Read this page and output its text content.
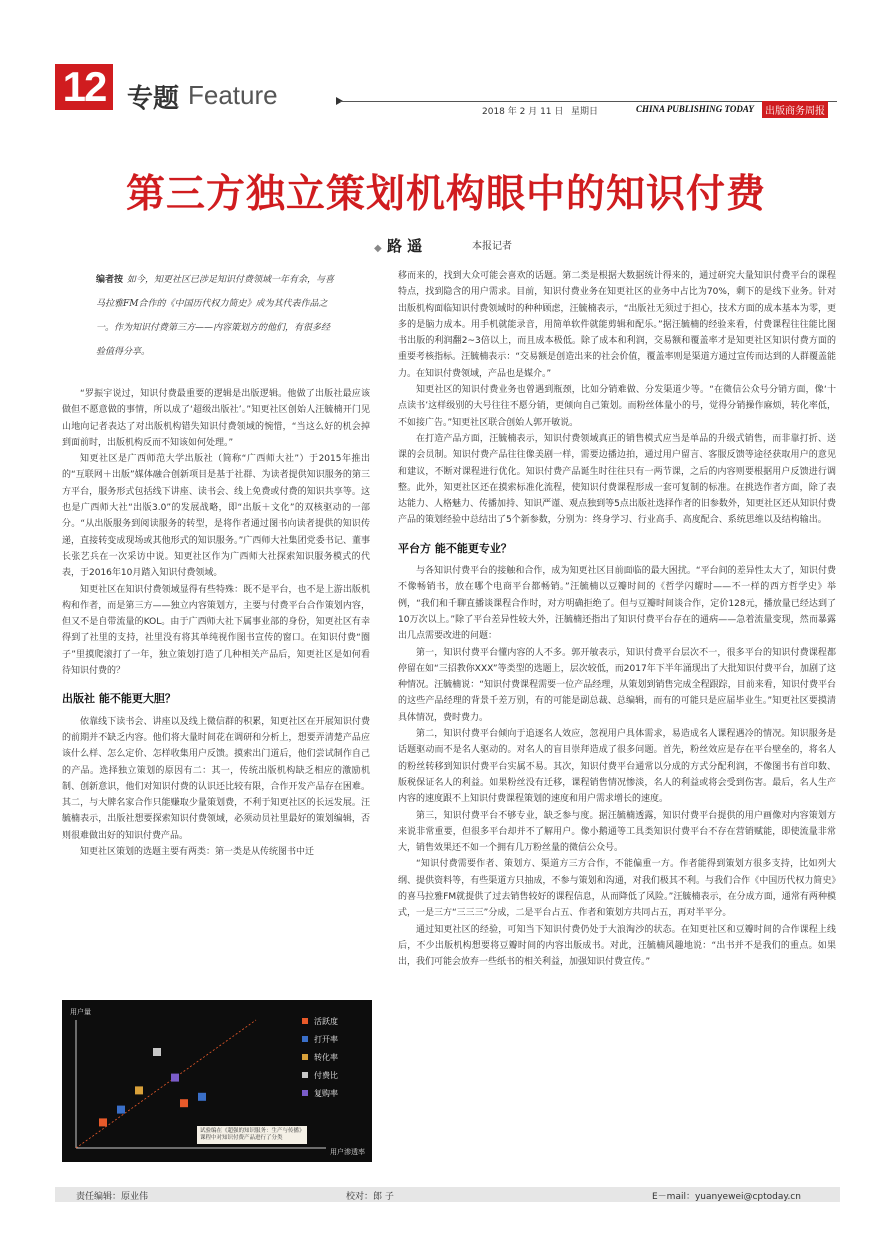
12 专题 Feature
2018 年 2 月 11 日 星期日	CHINA PUBLISHING TODAY	出版商务周报
第三方独立策划机构眼中的知识付费
◆ 路 遥	本报记者
编者按 如今，知更社区已涉足知识付费领域一年有余，与喜马拉雅FM合作的《中国历代权力简史》成为其代表作品之一。作为知识付费第三方——内容策划方的他们，有很多经验值得分享。

“罗振宇说过，知识付费最重要的逻辑是出版逻辑。他做了出版社最应该做但不愿意做的事情，所以成了‘超级出版社’。”知更社区创始人汪毓楠开门见山地向记者表达了对出版机构错失知识付费领域的惋惜，“当这么好的机会掉到面前时，出版机构反而不知该如何处理。”

知更社区是广西师范大学出版社（简称“广西师大社”）于2015年推出的“互联网＋出版”媒体融合创新项目是基于社群、为读者提供知识服务的第三方平台，服务形式包括线下讲座、读书会、线上免费或付费的知识共享等。这也是广西师大社“出版3.0”的发展战略，即“出版＋文化”的双核驱动的一部分。“从出版服务到阅读服务的转型，是将作者通过图书向读者提供的知识传递，直接转变成现场或其他形式的知识服务。”广西师大社集团党委书记、董事长张艺兵在一次采访中说。知更社区作为广西师大社探索知识服务模式的代表，于2016年10月踏入知识付费领域。

知更社区在知识付费领域显得有些特殊：既不是平台，也不是上游出版机构和作者，而是第三方——独立内容策划方，主要与付费平台合作策划内容，但又不是自带流量的KOL。由于广西师大社下属事业部的身份，知更社区有幸得到了社里的支持，社里没有将其单纯视作图书宣传的窗口。在知识付费“圈子”里摸爬滚打了一年，独立策划打造了几种相关产品后，知更社区是如何看待知识付费的？

出版社 能不能更大胆？

依靠线下读书会、讲座以及线上微信群的积累，知更社区在开展知识付费的前期并不缺乏内容。他们将大量时间花在调研和分析上，想要弄清楚产品应该什么样、怎么定价、怎样收集用户反馈。摸索出门道后，他们尝试制作自己的产品。选择独立策划的原因有二：其一，传统出版机构缺乏相应的激励机制、创新意识，他们对知识付费的认识还比较有限，合作开发产品存在困难。其二，与大牌名家合作只能赚取少量策划费，不利于知更社区的长远发展。汪毓楠表示，出版社想要探索知识付费领域，必须动员社里最好的策划编辑，否则很难做出好的知识付费产品。

知更社区策划的选题主要有两类：第一类是从传统图书中迁

活跃度
打开率
转化率
付费比
复购率
用户量
用户渗透率
试验编在《超强的知识服务：生产与传播》课程中对知识付费产品进行了分类

移而来的，找到大众可能会喜欢的话题。第二类是根据大数据统计得来的，通过研究大量知识付费平台的课程特点，找到隐含的用户需求。目前，知识付费业务在知更社区的业务中占比为70%，剩下的是线下业务。针对出版机构面临知识付费领域时的种种顾虑，汪毓楠表示，“出版社无须过于担心，技术方面的成本基本为零，更多的是脑力成本。用手机就能录音，用简单软件就能剪辑和配乐。”据汪毓楠的经验来看，付费课程往往能比图书出版的利润翻2~3倍以上，而且成本极低。除了成本和利润，交易额和覆盖率才是知更社区知识付费方面的重要考核指标。汪毓楠表示：“交易额是创造出来的社会价值，覆盖率则是渠道方通过宣传而达到的人群覆盖能力。在知识付费领域，产品也是媒介。”

知更社区的知识付费业务也曾遇到瓶颈，比如分销难做、分发渠道少等。“在微信公众号分销方面，像‘十点读书’这样级别的大号往往不愿分销，更倾向自己策划。而粉丝体量小的号，觉得分销操作麻烦，转化率低，不如接广告。”知更社区联合创始人郭开敏说。

在打造产品方面，汪毓楠表示，知识付费领域真正的销售模式应当是单品的升级式销售，而非靠打折、送课的会员制。知识付费产品往往像美剧一样，需要边播边拍，通过用户留言、客服反馈等途径获取用户的意见和建议，不断对课程进行优化。知识付费产品诞生时往往只有一两节课，之后的内容则要根据用户反馈进行调整。此外，知更社区还在摸索标准化流程，使知识付费课程形成一套可复制的标准。在挑选作者方面，除了表达能力、人格魅力、传播加持、知识严谨、观点独到等5点出版社选择作者的旧参数外，知更社区还从知识付费产品的策划经验中总结出了5个新参数，分别为：终身学习、行业高手、高度配合、系统思维以及结构输出。

平台方 能不能更专业？

与各知识付费平台的接触和合作，成为知更社区目前面临的最大困扰。“平台间的差异性太大了，知识付费不像畅销书，放在哪个电商平台都畅销。”汪毓楠以豆瓣时间的《哲学闪耀时——不一样的西方哲学史》举例，“我们和千聊直播谈课程合作时，对方明确拒绝了。但与豆瓣时间谈合作，定价128元，播放量已经达到了10万次以上。”除了平台差异性较大外，汪毓楠还指出了知识付费平台存在的通病——急着流量变现，然而暴露出几点需要改进的问题：

第一，知识付费平台懂内容的人不多。郭开敏表示，知识付费平台层次不一，很多平台的知识付费课程都停留在如“三招教你XXX”等类型的选题上，层次较低，而2017年下半年涌现出了大批知识付费平台，加剧了这种情况。汪毓楠说：“知识付费课程需要一位产品经理，从策划到销售完成全程跟踪，目前来看，知识付费平台的这些产品经理的背景千差万别，有的可能是副总裁、总编辑，而有的可能只是应届毕业生。”知更社区要摸清具体情况，费时费力。

第二，知识付费平台倾向于追逐名人效应，忽视用户具体需求，易造成名人课程遇冷的情况。知识服务是话题驱动而不是名人驱动的。对名人的盲目崇拜造成了很多问题。首先，粉丝效应是存在平台壁垒的，将名人的粉丝转移到知识付费平台实属不易。其次，知识付费平台通常以分成的方式分配利润，不像图书有首印数、版税保证名人的利益。如果粉丝没有迁移，课程销售情况惨淡，名人的利益或将会受到伤害。最后，名人生产内容的速度跟不上知识付费课程策划的速度和用户需求增长的速度。

第三，知识付费平台不够专业，缺乏参与度。据汪毓楠透露，知识付费平台提供的用户画像对内容策划方来说非常重要，但很多平台却并不了解用户。像小鹅通等工具类知识付费平台不存在营销赋能，即使流量非常大，销售效果还不如一个拥有几万粉丝量的微信公众号。

“知识付费需要作者、策划方、渠道方三方合作，不能偏重一方。作者能得到策划方很多支持，比如列大纲、提供资料等，有些渠道方只抽成，不参与策划和沟通，对我们极其不利。与我们合作《中国历代权力简史》的喜马拉雅FM就提供了过去销售较好的课程信息，从而降低了风险。”汪毓楠表示，在分成方面，通常有两种模式，一是三方“三三三”分成，二是平台占五、作者和策划方共同占五，再对半平分。

通过知更社区的经验，可知当下知识付费仍处于大浪淘沙的状态。在知更社区和豆瓣时间的合作课程上线后，不少出版机构想要将豆瓣时间的内容出版成书。对此，汪毓楠风趣地说：“出书并不是我们的重点。如果出，我们可能会放弃一些纸书的相关利益，加强知识付费宣传。”

责任编辑：原业伟	校对：郎 子	E－mail：yuanyewei@cptoday.cn
